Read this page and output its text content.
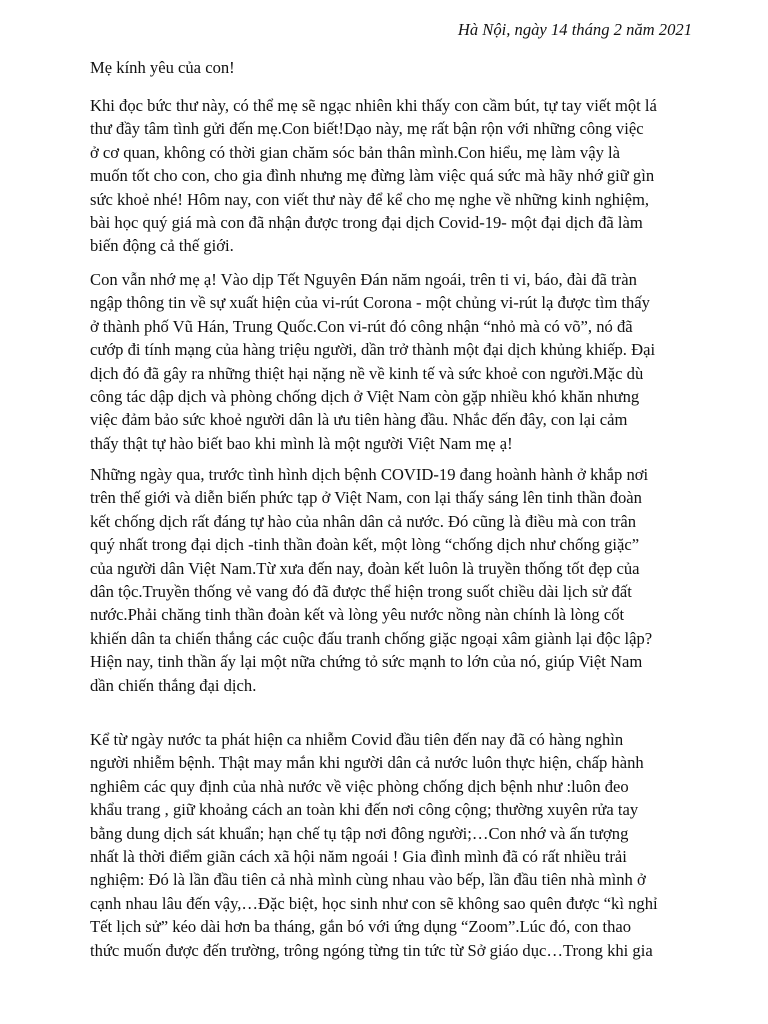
Hà Nội, ngày 14 tháng 2 năm 2021
Mẹ kính yêu của con!
Khi đọc bức thư này, có thể mẹ sẽ ngạc nhiên khi thấy con cầm bút, tự tay viết một lá
thư đầy tâm tình gửi đến mẹ.Con biết!Dạo này, mẹ rất bận rộn với những công việc
ở cơ quan, không có thời gian chăm sóc bản thân mình.Con hiểu, mẹ làm vậy là
muốn tốt cho con, cho gia đình nhưng mẹ đừng làm việc quá sức mà hãy nhớ giữ gìn
sức khoẻ nhé! Hôm nay, con viết thư này để kể cho mẹ nghe về những kinh nghiệm,
bài học quý giá mà con đã nhận được trong đại dịch Covid-19- một đại dịch đã làm
biến động cả thế giới.
Con vẫn nhớ mẹ ạ! Vào dịp Tết Nguyên Đán năm ngoái, trên ti vi, báo, đài đã tràn
ngập thông tin về sự xuất hiện của vi-rút Corona - một chủng vi-rút lạ được tìm thấy
ở thành phố Vũ Hán, Trung Quốc.Con vi-rút đó công nhận “nhỏ mà có võ”, nó đã
cướp đi tính mạng của hàng triệu người, dần trở thành một đại dịch khủng khiếp. Đại
dịch đó đã gây ra những thiệt hại nặng nề về kinh tế và sức khoẻ con người.Mặc dù
công tác dập dịch và phòng chống dịch ở Việt Nam còn gặp nhiều khó khăn nhưng
việc đảm bảo sức khoẻ người dân là ưu tiên hàng đầu. Nhắc đến đây, con lại cảm
thấy thật tự hào biết bao khi mình là một người Việt Nam mẹ ạ!
Những ngày qua, trước tình hình dịch bệnh COVID-19 đang hoành hành ở khắp nơi
trên thế giới và diễn biến phức tạp ở Việt Nam, con lại thấy sáng lên tinh thần đoàn
kết chống dịch rất đáng tự hào của nhân dân cả nước. Đó cũng là điều mà con trân
quý nhất trong đại dịch -tinh thần đoàn kết, một lòng “chống dịch như chống giặc”
của người dân Việt Nam.Từ xưa đến nay, đoàn kết luôn là truyền thống tốt đẹp của
dân tộc.Truyền thống vẻ vang đó đã được thể hiện trong suốt chiều dài lịch sử đất
nước.Phải chăng tinh thần đoàn kết và lòng yêu nước nồng nàn chính là lòng cốt
khiến dân ta chiến thắng các cuộc đấu tranh chống giặc ngoại xâm giành lại độc lập?
Hiện nay, tinh thần ấy lại một nữa chứng tỏ sức mạnh to lớn của nó, giúp Việt Nam
dần chiến thắng đại dịch.
Kể từ ngày nước ta phát hiện ca nhiễm Covid đầu tiên đến nay đã có hàng nghìn
người nhiễm bệnh. Thật may mắn khi người dân cả nước luôn thực hiện, chấp hành
nghiêm các quy định của nhà nước về việc phòng chống dịch bệnh như :luôn đeo
khẩu trang , giữ khoảng cách an toàn khi đến nơi công cộng; thường xuyên rửa tay
bằng dung dịch sát khuẩn; hạn chế tụ tập nơi đông người;…Con nhớ và ấn tượng
nhất là thời điểm giãn cách xã hội năm ngoái ! Gia đình mình đã có rất nhiều trải
nghiệm: Đó là lần đầu tiên cả nhà mình cùng nhau vào bếp, lần đầu tiên nhà mình ở
cạnh nhau lâu đến vậy,…Đặc biệt, học sinh như con sẽ không sao quên được “kì nghỉ
Tết lịch sử” kéo dài hơn ba tháng, gắn bó với ứng dụng “Zoom”.Lúc đó, con thao
thức muốn được đến trường, trông ngóng từng tin tức từ Sở giáo dục…Trong khi gia
